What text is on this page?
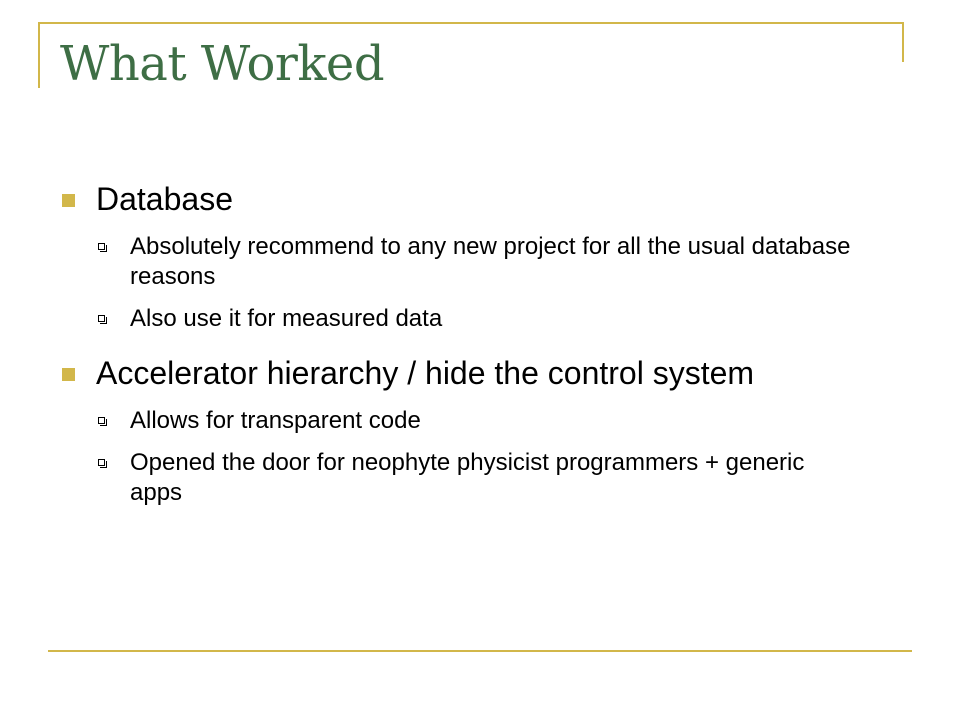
What Worked
Database
Absolutely recommend to any new project for all the usual database reasons
Also use it for measured data
Accelerator hierarchy / hide the control system
Allows for transparent code
Opened the door for neophyte physicist programmers + generic apps
